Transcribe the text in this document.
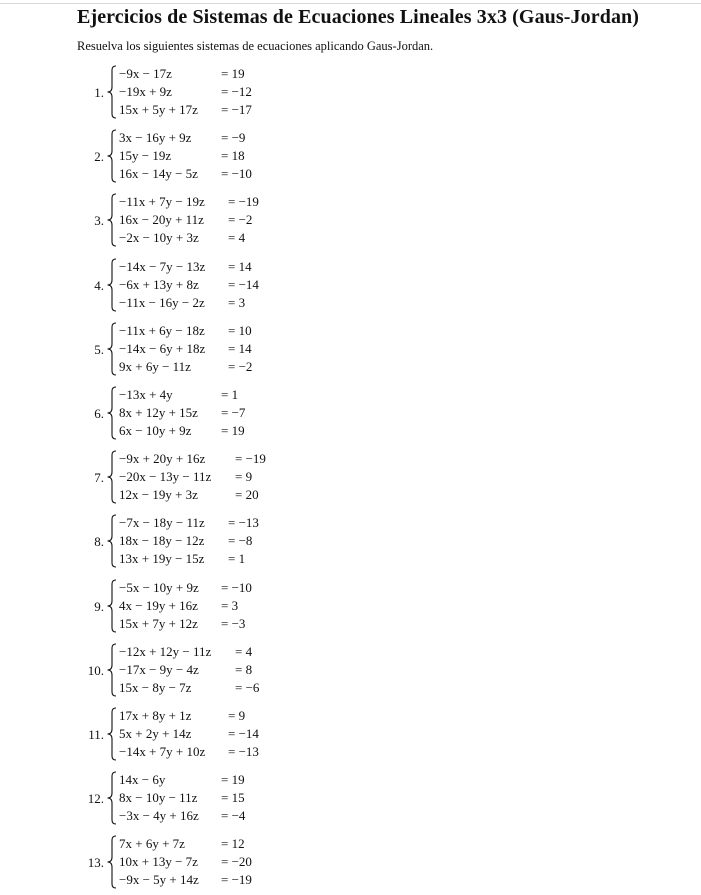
Ejercicios de Sistemas de Ecuaciones Lineales 3x3 (Gaus-Jordan)
Resuelva los siguientes sistemas de ecuaciones aplicando Gaus-Jordan.
1.
−9x − 17z	= 19
−19x + 9z	= −12
15x + 5y + 17z = −17
2.
3x − 16y + 9z = −9
15y − 19z	= 18
16x − 14y − 5z = −10
3.
−11x + 7y − 19z = −19
16x − 20y + 11z = −2
−2x − 10y + 3z = 4
4.
−14x − 7y − 13z = 14
−6x + 13y + 8z = −14
−11x − 16y − 2z = 3
5.
−11x + 6y − 18z = 10
−14x − 6y + 18z = 14
9x + 6y − 11z	= −2
6.
−13x + 4y	= 1
8x + 12y + 15z = −7
6x − 10y + 9z = 19
7.
−9x + 20y + 16z = −19
−20x − 13y − 11z = 9
12x − 19y + 3z	= 20
8.
−7x − 18y − 11z = −13
18x − 18y − 12z = −8
13x + 19y − 15z = 1
9.
−5x − 10y + 9z = −10
4x − 19y + 16z = 3
15x + 7y + 12z = −3
10.
−12x + 12y − 11z = 4
−17x − 9y − 4z	= 8
15x − 8y − 7z	= −6
11.
17x + 8y + 1z	= 9
5x + 2y + 14z	= −14
−14x + 7y + 10z = −13
12.
14x − 6y	= 19
8x − 10y − 11z = 15
−3x − 4y + 16z = −4
13.
7x + 6y + 7z	= 12
10x + 13y − 7z = −20
−9x − 5y + 14z = −19
